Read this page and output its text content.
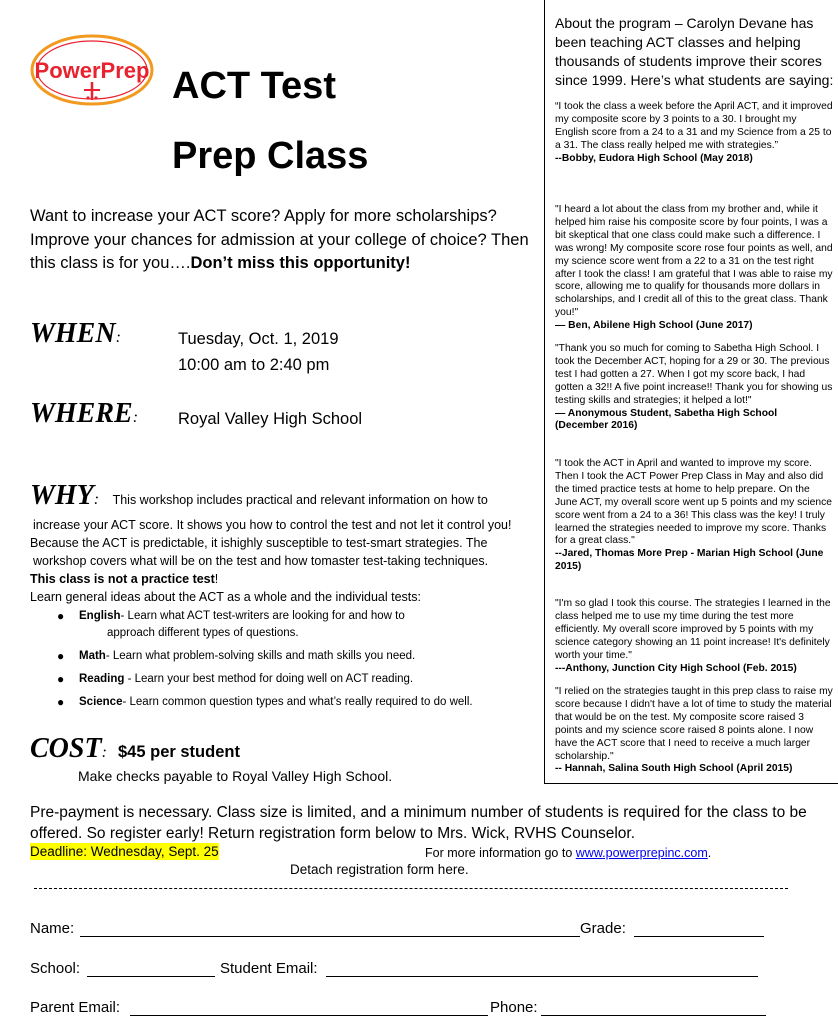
PowerPrep ACT Test
Prep Class
Want to increase your ACT score? Apply for more scholarships? Improve your chances for admission at your college of choice? Then this class is for you….Don’t miss this opportunity!
WHEN:	Tuesday, Oct. 1, 2019
10:00 am to 2:40 pm
WHERE: Royal Valley High School
WHY: This workshop includes practical and relevant information on how to
increase your ACT score. It shows you how to control the test and not let it control you!
Because the ACT is predictable, it ishighly susceptible to test-smart strategies. The
workshop covers what will be on the test and how tomaster test-taking techniques.
This class is not a practice test!
Learn general ideas about the ACT as a whole and the individual tests:
● English- Learn what ACT test-writers are looking for and how to
approach different types of questions.
● Math- Learn what problem-solving skills and math skills you need.
● Reading - Learn your best method for doing well on ACT reading.
● Science- Learn common question types and what’s really required to do well.
COST: $45 per student
Make checks payable to Royal Valley High School.
About the program – Carolyn Devane has been teaching ACT classes and helping thousands of students improve their scores since 1999. Here’s what students are saying:
“I took the class a week before the April ACT, and it improved my composite score by 3 points to a 30. I brought my English score from a 24 to a 31 and my Science from a 25 to a 31. The class really helped me with strategies.”
--Bobby, Eudora High School (May 2018)
"I heard a lot about the class from my brother and, while it helped him raise his composite score by four points, I was a bit skeptical that one class could make such a difference. I was wrong! My composite score rose four points as well, and my science score went from a 22 to a 31 on the test right after I took the class! I am grateful that I was able to raise my score, allowing me to qualify for thousands more dollars in scholarships, and I credit all of this to the great class. Thank you!"
— Ben, Abilene High School (June 2017)
"Thank you so much for coming to Sabetha High School. I took the December ACT, hoping for a 29 or 30. The previous test I had gotten a 27. When I got my score back, I had gotten a 32!! A five point increase!! Thank you for showing us testing skills and strategies; it helped a lot!"
— Anonymous Student, Sabetha High School (December 2016)
"I took the ACT in April and wanted to improve my score. Then I took the ACT Power Prep Class in May and also did the timed practice tests at home to help prepare. On the June ACT, my overall score went up 5 points and my science score went from a 24 to a 36! This class was the key! I truly learned the strategies needed to improve my score. Thanks for a great class."
--Jared, Thomas More Prep - Marian High School (June 2015)
"I'm so glad I took this course. The strategies I learned in the class helped me to use my time during the test more efficiently. My overall score improved by 5 points with my science category showing an 11 point increase! It's definitely worth your time."
---Anthony, Junction City High School (Feb. 2015)
"I relied on the strategies taught in this prep class to raise my score because I didn't have a lot of time to study the material that would be on the test. My composite score raised 3 points and my science score raised 8 points alone. I now have the ACT score that I need to receive a much larger scholarship."
-- Hannah, Salina South High School (April 2015)
Pre-payment is necessary. Class size is limited, and a minimum number of students is required for the class to be offered. So register early! Return registration form below to Mrs. Wick, RVHS Counselor.
Deadline: Wednesday, Sept. 25	For more information go to www.powerprepinc.com.
Detach registration form here.
Name:	Grade:
School:	Student Email:
Parent Email:	Phone:
